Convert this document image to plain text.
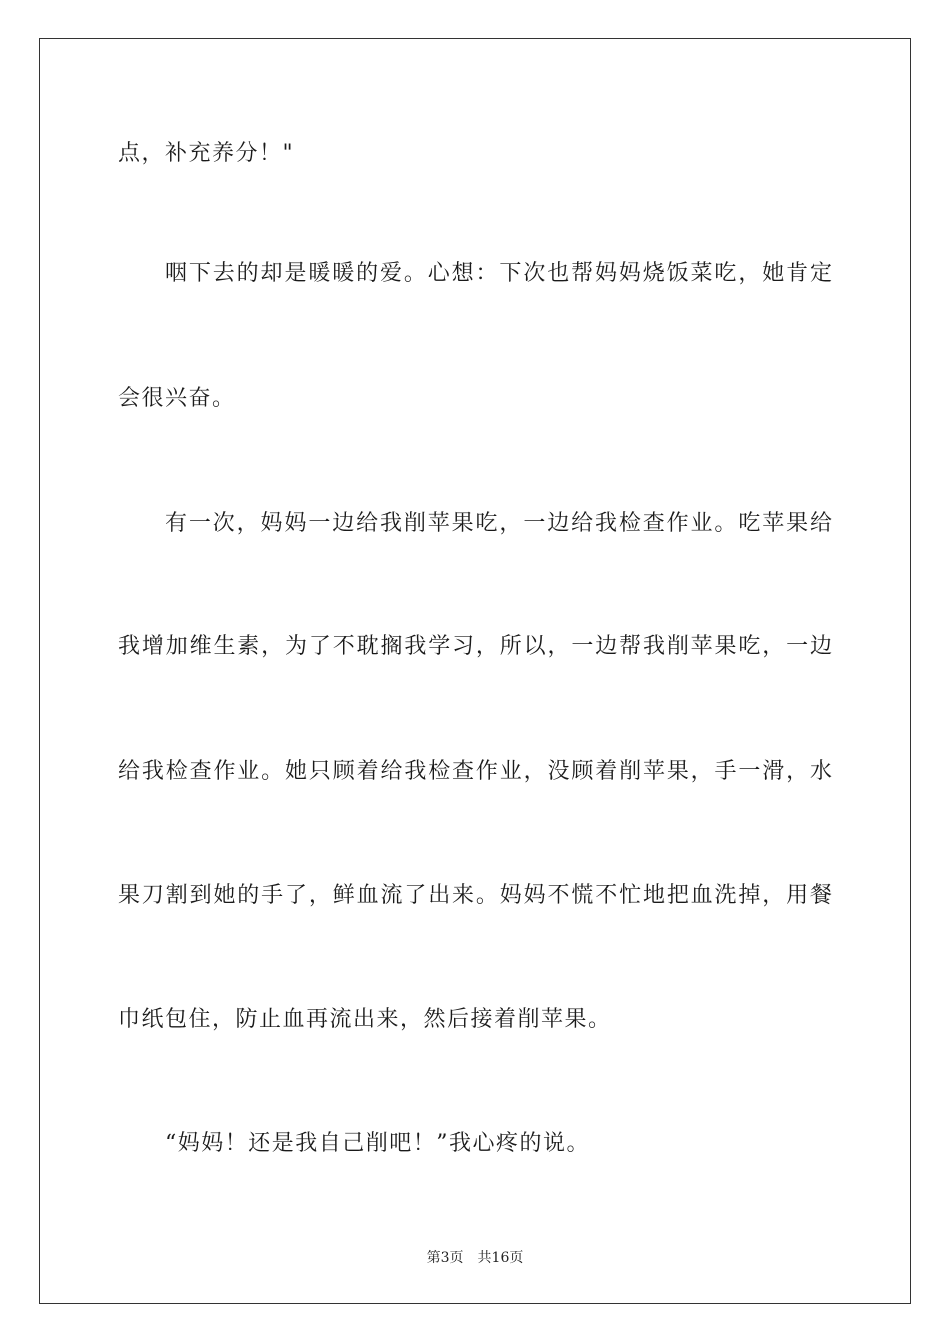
点，补充养分！"
咽下去的却是暖暖的爱。心想：下次也帮妈妈烧饭菜吃，她肯定
会很兴奋。
有一次，妈妈一边给我削苹果吃，一边给我检查作业。吃苹果给
我增加维生素，为了不耽搁我学习，所以，一边帮我削苹果吃，一边
给我检查作业。她只顾着给我检查作业，没顾着削苹果，手一滑，水
果刀割到她的手了，鲜血流了出来。妈妈不慌不忙地把血洗掉，用餐
巾纸包住，防止血再流出来，然后接着削苹果。
“妈妈！还是我自己削吧！”我心疼的说。
第3页　共16页
